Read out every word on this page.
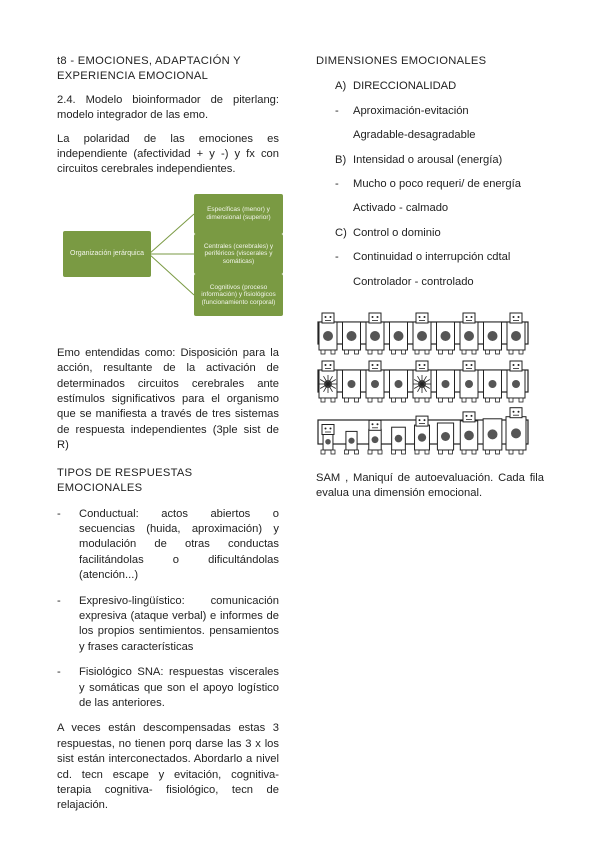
t8 - EMOCIONES, ADAPTACIÓN Y

EXPERIENCIA EMOCIONAL

2.4. Modelo bioinformador de piterlang: modelo integrador de las emo.

La polaridad de las emociones es independiente (afectividad + y -) y fx con circuitos cerebrales independientes.

Organización jerárquica
Específicas (menor) y dimensional (superior)
Centrales (cerebrales) y periféricos (viscerales y somáticas)
Cognitivos (proceso información) y fisiológicos (funcionamiento corporal)

Emo entendidas como: Disposición para la acción, resultante de la activación de determinados circuitos cerebrales ante estímulos significativos para el organismo que se manifiesta a través de tres sistemas de respuesta independientes (3ple sist de R)

TIPOS DE RESPUESTAS EMOCIONALES

-	Conductual: actos abiertos o secuencias (huida, aproximación) y modulación de otras conductas facilitándolas o dificultándolas (atención...)
-	Expresivo-lingüístico: comunicación expresiva (ataque verbal) e informes de los propios sentimientos. pensamientos y frases características
-	Fisiológico SNA: respuestas viscerales y somáticas que son el apoyo logístico de las anteriores.

A veces están descompensadas estas 3 respuestas, no tienen porq darse las 3 x los sist están interconectados. Abordarlo a nivel cd. tecn escape y evitación, cognitiva- terapia cognitiva- fisiológico, tecn de relajación.

DIMENSIONES EMOCIONALES

A) DIRECCIONALIDAD
-	Aproximación-evitación
Agradable-desagradable
B) Intensidad o arousal (energía)
-	Mucho o poco requeri/ de energía
Activado - calmado
C) Control o dominio
-	Continuidad o interrupción cdtal
Controlador - controlado

SAM , Maniquí de autoevaluación. Cada fila evalua una dimensión emocional.
